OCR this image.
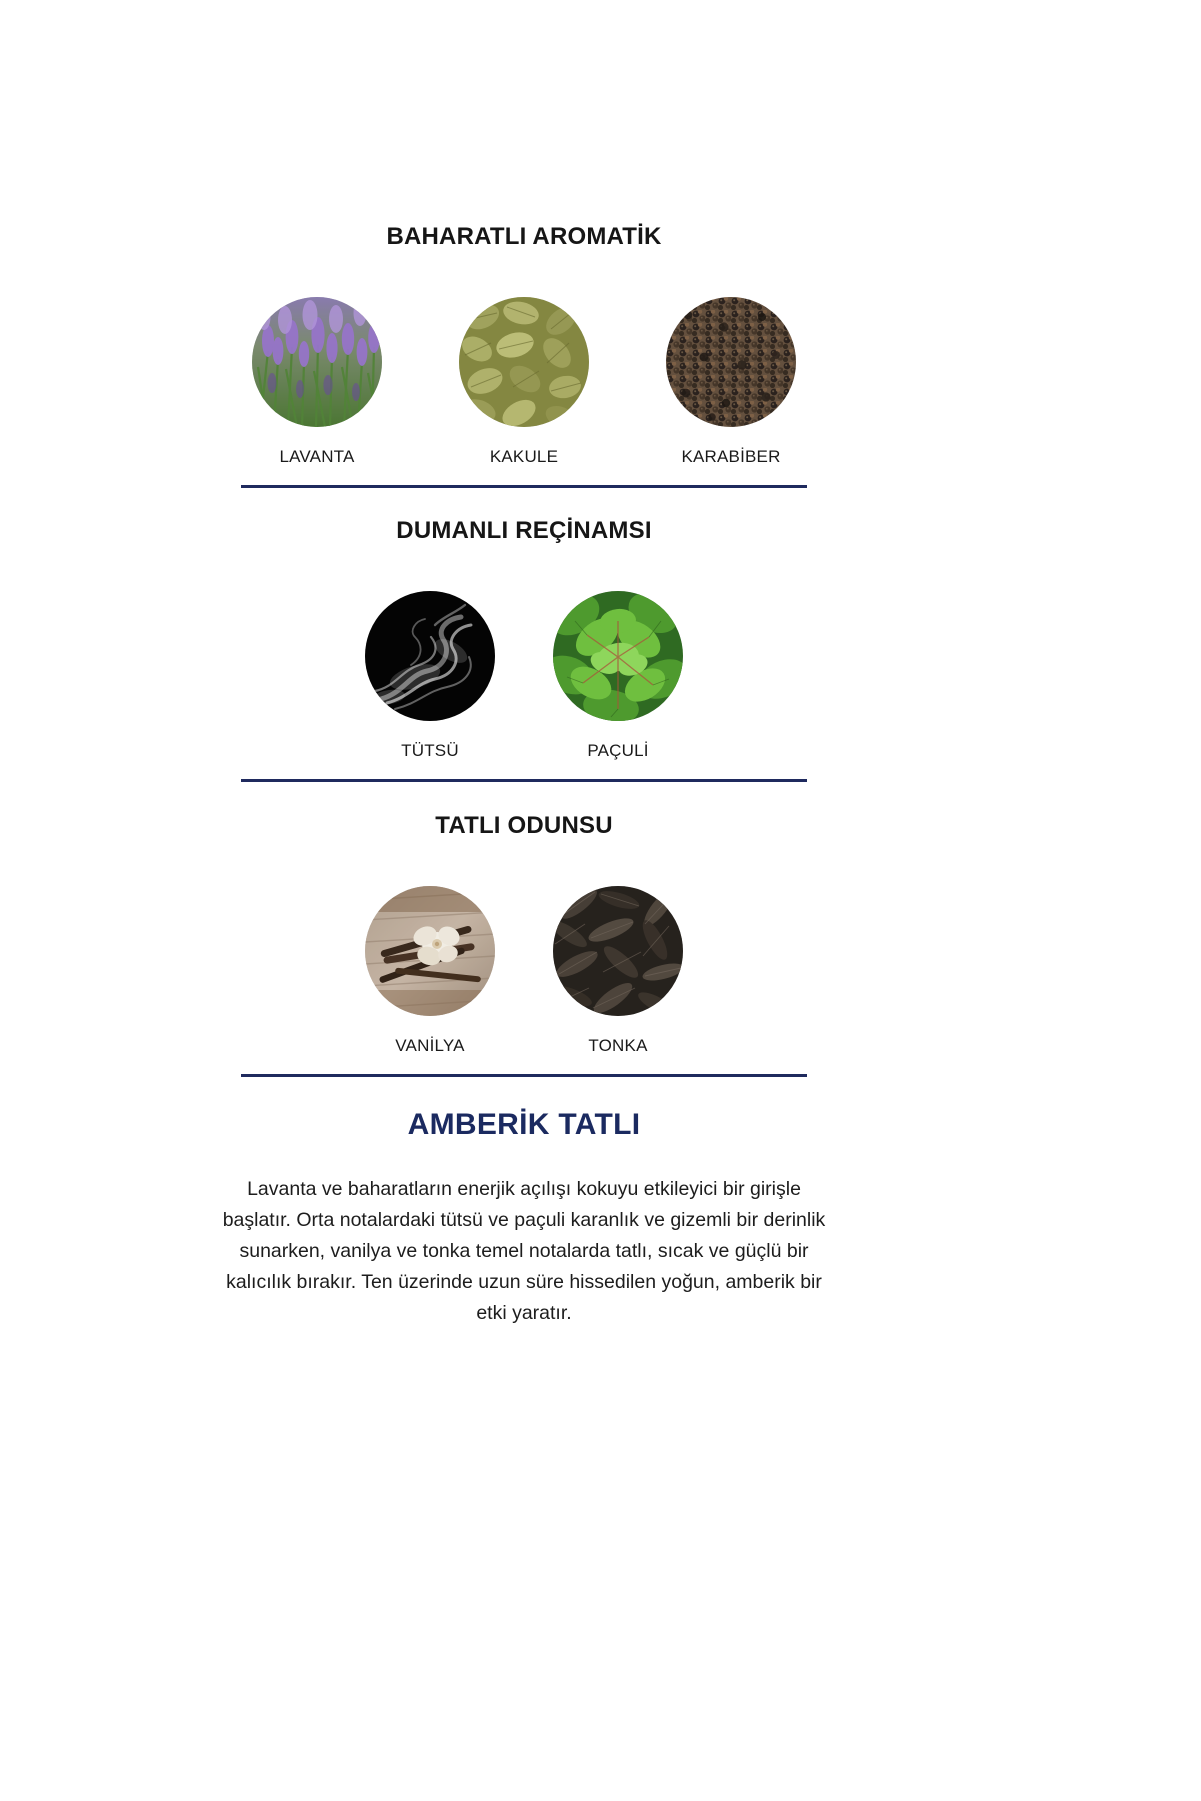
BAHARATLI AROMATİK
LAVANTA	KAKULE	KARABİBER
DUMANLI REÇİNAMSI
TÜTSÜ	PAÇULİ
TATLI ODUNSU
VANİLYA	TONKA
AMBERİK TATLI

Lavanta ve baharatların enerjik açılışı kokuyu etkileyici bir girişle başlatır. Orta notalardaki tütsü ve paçuli karanlık ve gizemli bir derinlik sunarken, vanilya ve tonka temel notalarda tatlı, sıcak ve güçlü bir kalıcılık bırakır. Ten üzerinde uzun süre hissedilen yoğun, amberik bir etki yaratır.
